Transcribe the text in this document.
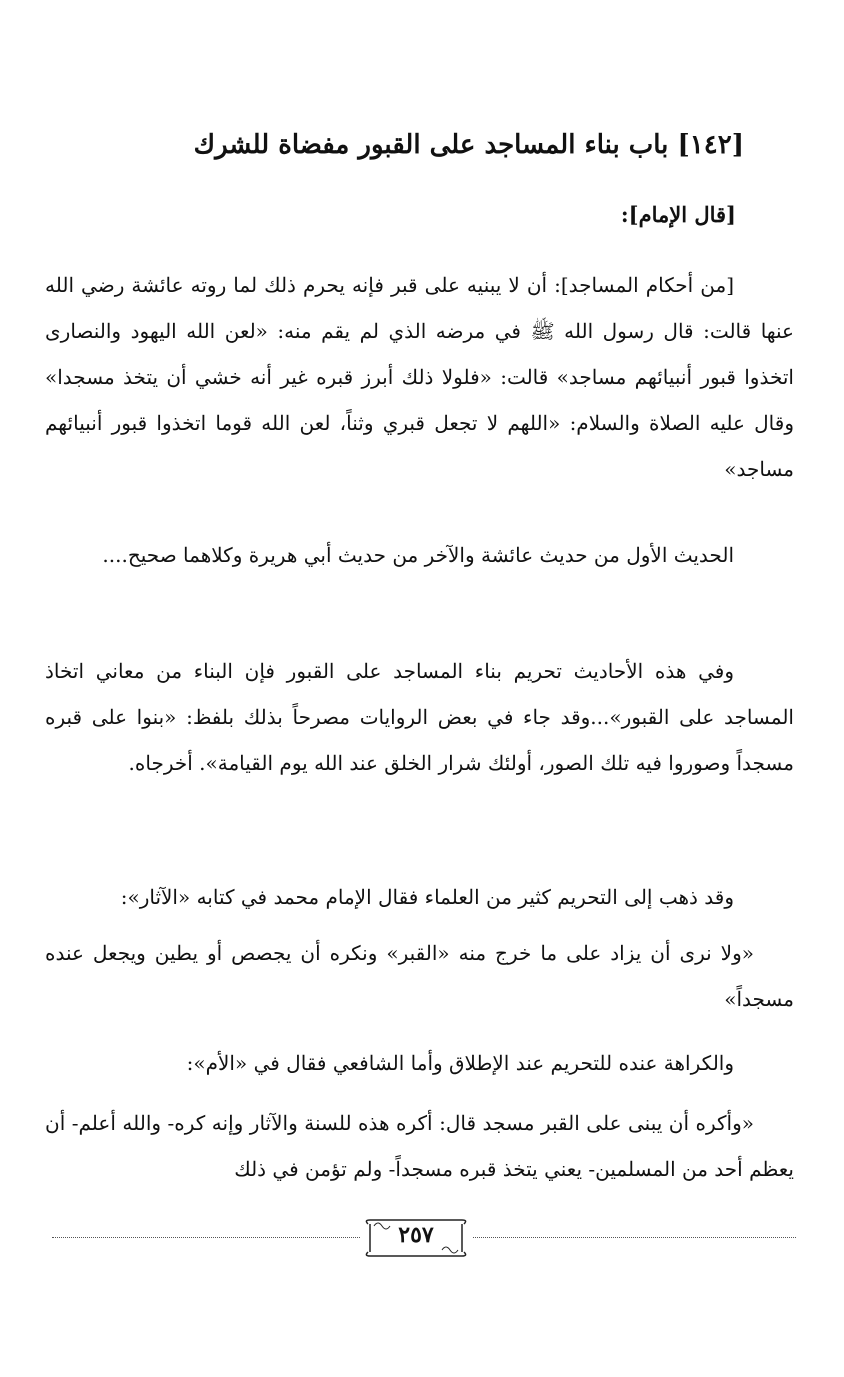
[١٤٢] باب بناء المساجد على القبور مفضاة للشرك
[قال الإمام]:

[من أحكام المساجد]: أن لا يبنيه على قبر فإنه يحرم ذلك لما روته عائشة رضي الله عنها قالت: قال رسول الله ﷺ في مرضه الذي لم يقم منه: «لعن الله اليهود والنصارى اتخذوا قبور أنبيائهم مساجد» قالت: «فلولا ذلك أبرز قبره غير أنه خشي أن يتخذ مسجدا» وقال عليه الصلاة والسلام: «اللهم لا تجعل قبري وثناً، لعن الله قوما اتخذوا قبور أنبيائهم مساجد»

الحديث الأول من حديث عائشة والآخر من حديث أبي هريرة وكلاهما صحيح....

وفي هذه الأحاديث تحريم بناء المساجد على القبور فإن البناء من معاني اتخاذ المساجد على القبور»...وقد جاء في بعض الروايات مصرحاً بذلك بلفظ: «بنوا على قبره مسجداً وصوروا فيه تلك الصور، أولئك شرار الخلق عند الله يوم القيامة». أخرجاه.

وقد ذهب إلى التحريم كثير من العلماء فقال الإمام محمد في كتابه «الآثار»:

«ولا نرى أن يزاد على ما خرج منه «القبر» ونكره أن يجصص أو يطين ويجعل عنده مسجداً»

والكراهة عنده للتحريم عند الإطلاق وأما الشافعي فقال في «الأم»:

«وأكره أن يبنى على القبر مسجد قال: أكره هذه للسنة والآثار وإنه كره- والله أعلم- أن يعظم أحد من المسلمين- يعني يتخذ قبره مسجداً- ولم تؤمن في ذلك

٢٥٧
